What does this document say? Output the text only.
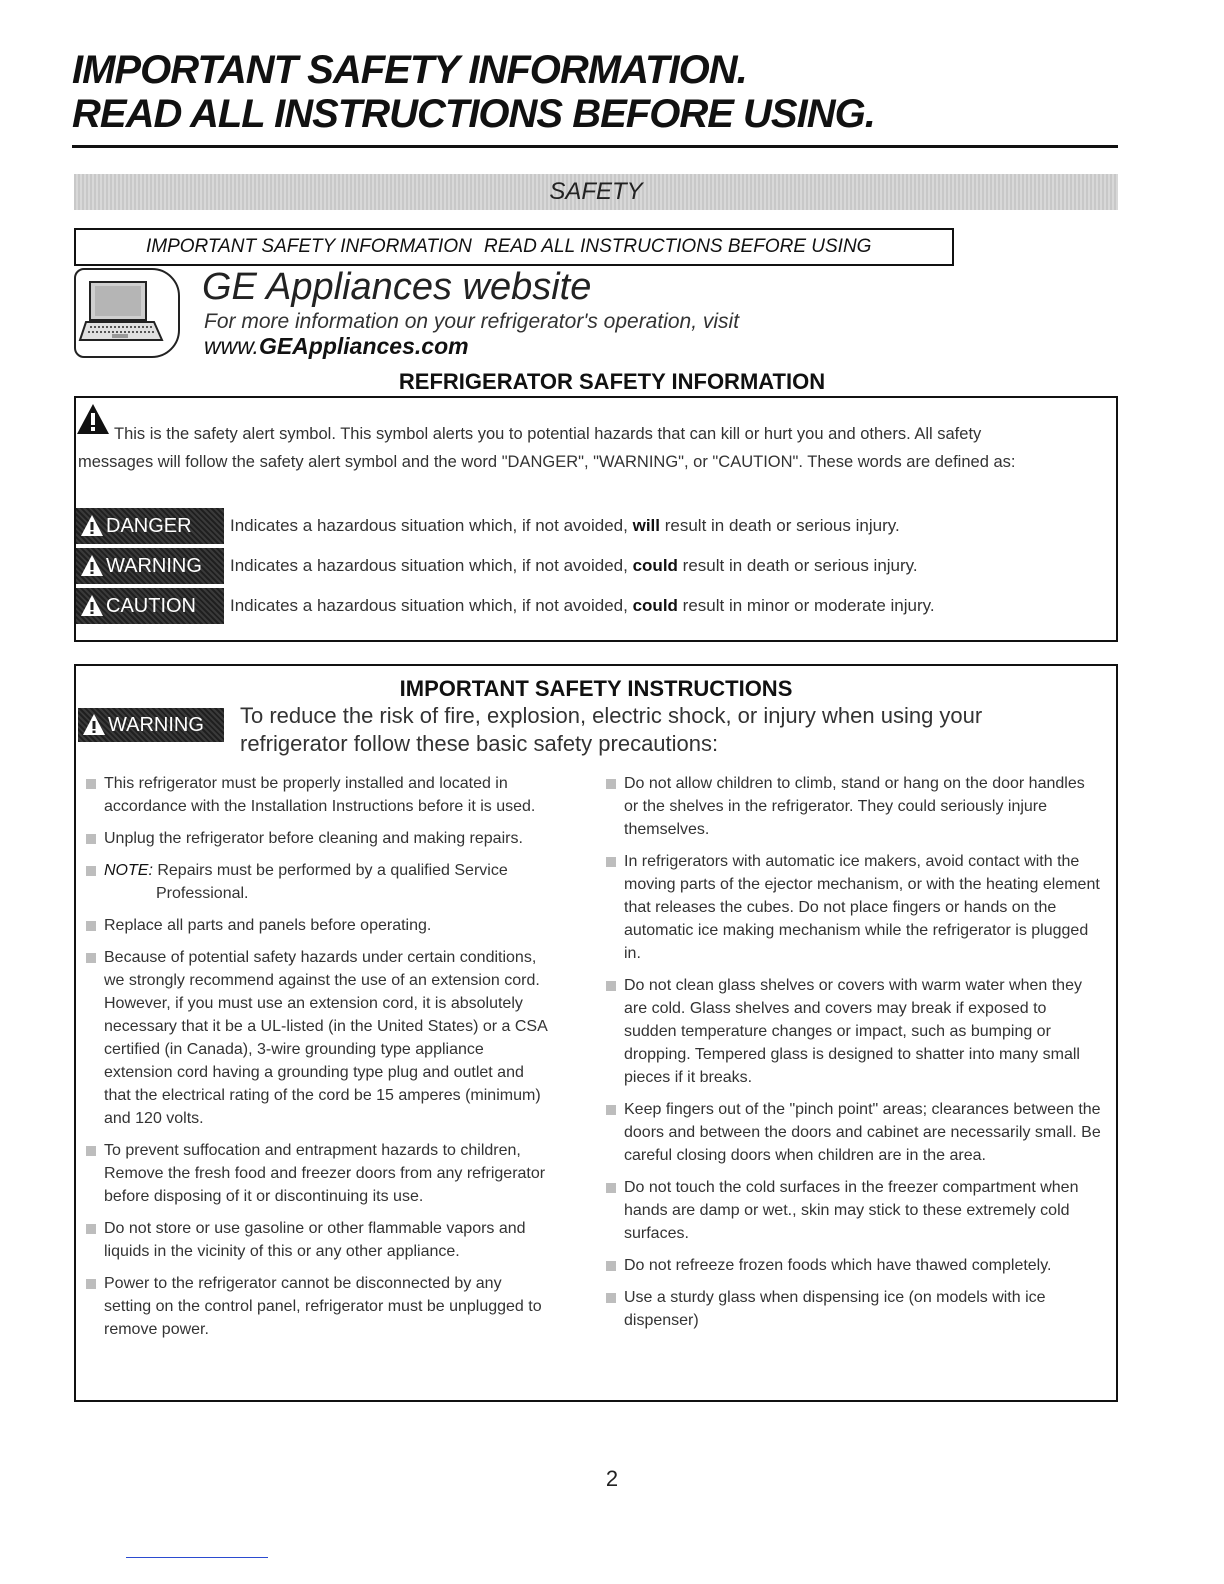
IMPORTANT SAFETY INFORMATION.
READ ALL INSTRUCTIONS BEFORE USING.
SAFETY
IMPORTANT SAFETY INFORMATION READ ALL INSTRUCTIONS BEFORE USING
GE Appliances website
For more information on your refrigerator's operation, visit
www.GEAppliances.com
REFRIGERATOR SAFETY INFORMATION
This is the safety alert symbol. This symbol alerts you to potential hazards that can kill or hurt you and others. All safety
messages will follow the safety alert symbol and the word "DANGER", "WARNING", or "CAUTION". These words are defined as:
DANGER Indicates a hazardous situation which, if not avoided, will result in death or serious injury.
WARNING Indicates a hazardous situation which, if not avoided, could result in death or serious injury.
CAUTION Indicates a hazardous situation which, if not avoided, could result in minor or moderate injury.
IMPORTANT SAFETY INSTRUCTIONS
WARNING To reduce the risk of fire, explosion, electric shock, or injury when using your
refrigerator follow these basic safety precautions:
This refrigerator must be properly installed and located in accordance with the Installation Instructions before it is used.
Unplug the refrigerator before cleaning and making repairs.
NOTE: Repairs must be performed by a qualified Service
Professional.
Replace all parts and panels before operating.
Because of potential safety hazards under certain conditions, we strongly recommend against the use of an extension cord. However, if you must use an extension cord, it is absolutely necessary that it be a UL-listed (in the United States) or a CSA certified (in Canada), 3-wire grounding type appliance extension cord having a grounding type plug and outlet and that the electrical rating of the cord be 15 amperes (minimum) and 120 volts.
To prevent suffocation and entrapment hazards to children, Remove the fresh food and freezer doors from any refrigerator before disposing of it or discontinuing its use.
Do not store or use gasoline or other flammable vapors and liquids in the vicinity of this or any other appliance.
Power to the refrigerator cannot be disconnected by any setting on the control panel, refrigerator must be unplugged to remove power.
Do not allow children to climb, stand or hang on the door handles or the shelves in the refrigerator. They could seriously injure themselves.
In refrigerators with automatic ice makers, avoid contact with the moving parts of the ejector mechanism, or with the heating element that releases the cubes. Do not place fingers or hands on the automatic ice making mechanism while the refrigerator is plugged in.
Do not clean glass shelves or covers with warm water when they are cold. Glass shelves and covers may break if exposed to sudden temperature changes or impact, such as bumping or dropping. Tempered glass is designed to shatter into many small pieces if it breaks.
Keep fingers out of the "pinch point" areas; clearances between the doors and between the doors and cabinet are necessarily small. Be careful closing doors when children are in the area.
Do not touch the cold surfaces in the freezer compartment when hands are damp or wet., skin may stick to these extremely cold surfaces.
Do not refreeze frozen foods which have thawed completely.
Use a sturdy glass when dispensing ice (on models with ice dispenser)
2
